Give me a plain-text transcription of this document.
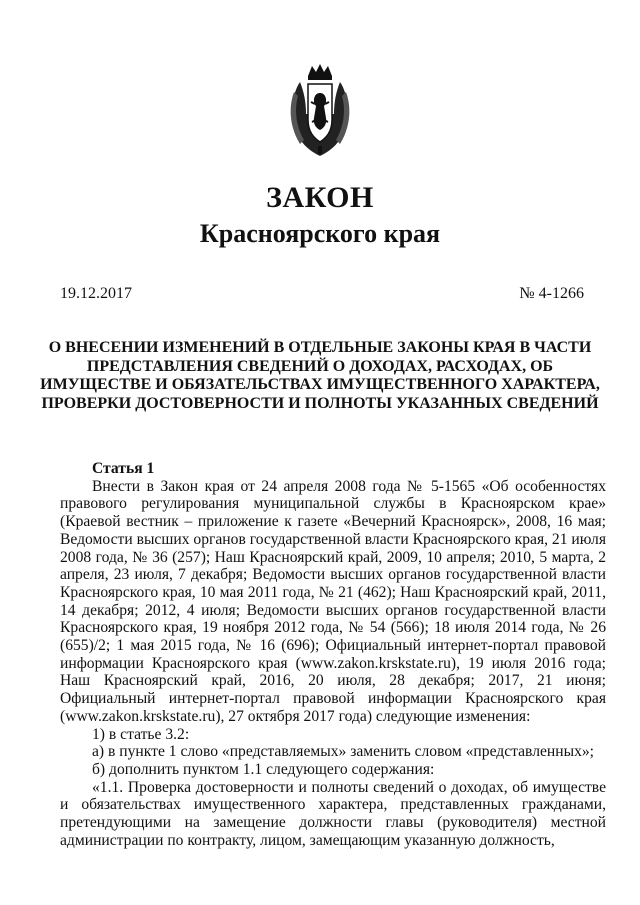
ЗАКОН
Красноярского края
19.12.2017	№ 4-1266
О ВНЕСЕНИИ ИЗМЕНЕНИЙ В ОТДЕЛЬНЫЕ ЗАКОНЫ КРАЯ В ЧАСТИ ПРЕДСТАВЛЕНИЯ СВЕДЕНИЙ О ДОХОДАХ, РАСХОДАХ, ОБ ИМУЩЕСТВЕ И ОБЯЗАТЕЛЬСТВАХ ИМУЩЕСТВЕННОГО ХАРАКТЕРА, ПРОВЕРКИ ДОСТОВЕРНОСТИ И ПОЛНОТЫ УКАЗАННЫХ СВЕДЕНИЙ

Статья 1

Внести в Закон края от 24 апреля 2008 года № 5-1565 «Об особенностях правового регулирования муниципальной службы в Красноярском крае» (Краевой вестник – приложение к газете «Вечерний Красноярск», 2008, 16 мая; Ведомости высших органов государственной власти Красноярского края, 21 июля 2008 года, № 36 (257); Наш Красноярский край, 2009, 10 апреля; 2010, 5 марта, 2 апреля, 23 июля, 7 декабря; Ведомости высших органов государственной власти Красноярского края, 10 мая 2011 года, № 21 (462); Наш Красноярский край, 2011, 14 декабря; 2012, 4 июля; Ведомости высших органов государственной власти Красноярского края, 19 ноября 2012 года, № 54 (566); 18 июля 2014 года, № 26 (655)/2; 1 мая 2015 года, № 16 (696); Официальный интернет-портал правовой информации Красноярского края (www.zakon.krskstate.ru), 19 июля 2016 года; Наш Красноярский край, 2016, 20 июля, 28 декабря; 2017, 21 июня; Официальный интернет-портал правовой информации Красноярского края (www.zakon.krskstate.ru), 27 октября 2017 года) следующие изменения:

1) в статье 3.2:

а) в пункте 1 слово «представляемых» заменить словом «представленных»;

б) дополнить пунктом 1.1 следующего содержания:

«1.1. Проверка достоверности и полноты сведений о доходах, об имуществе и обязательствах имущественного характера, представленных гражданами, претендующими на замещение должности главы (руководителя) местной администрации по контракту, лицом, замещающим указанную должность,
